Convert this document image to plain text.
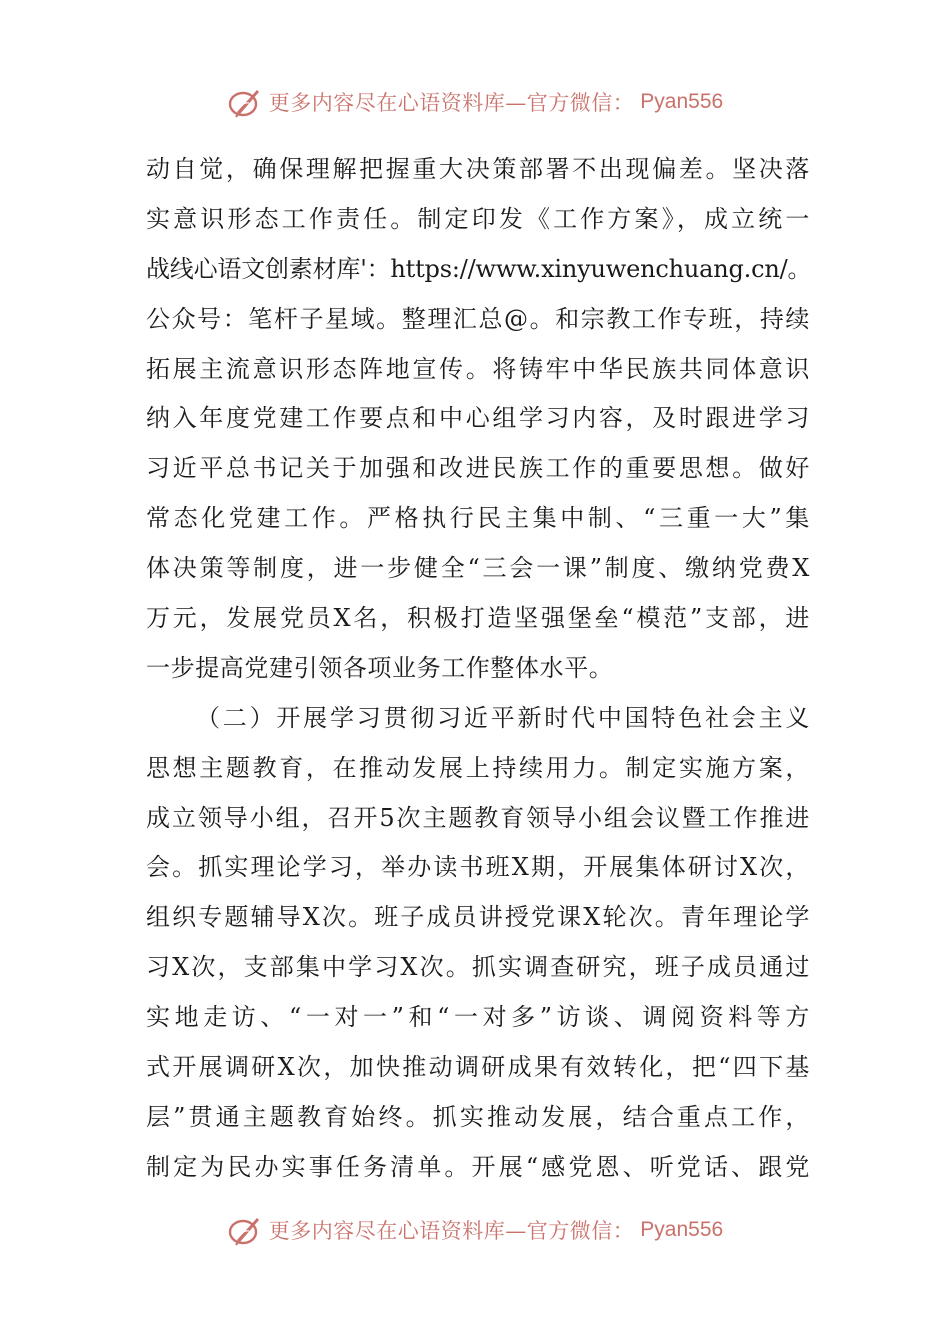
更多内容尽在心语资料库—官方微信： Pyan556
动自觉，确保理解把握重大决策部署不出现偏差。坚决落
实意识形态工作责任。制定印发《工作方案》，成立统一
战线心语文创素材库'：https://www.xinyuwenchuang.cn/。
公众号：笔杆子星域。整理汇总@。和宗教工作专班，持续
拓展主流意识形态阵地宣传。将铸牢中华民族共同体意识
纳入年度党建工作要点和中心组学习内容，及时跟进学习
习近平总书记关于加强和改进民族工作的重要思想。做好
常态化党建工作。严格执行民主集中制、“三重一大”集
体决策等制度，进一步健全“三会一课”制度、缴纳党费X
万元，发展党员X名，积极打造坚强堡垒“模范”支部，进
一步提高党建引领各项业务工作整体水平。
（二）开展学习贯彻习近平新时代中国特色社会主义
思想主题教育，在推动发展上持续用力。制定实施方案，
成立领导小组，召开5次主题教育领导小组会议暨工作推进
会。抓实理论学习，举办读书班X期，开展集体研讨X次，
组织专题辅导X次。班子成员讲授党课X轮次。青年理论学
习X次，支部集中学习X次。抓实调查研究，班子成员通过
实地走访、“一对一”和“一对多”访谈、调阅资料等方
式开展调研X次，加快推动调研成果有效转化，把“四下基
层”贯通主题教育始终。抓实推动发展，结合重点工作，
制定为民办实事任务清单。开展“感党恩、听党话、跟党
更多内容尽在心语资料库—官方微信： Pyan556
